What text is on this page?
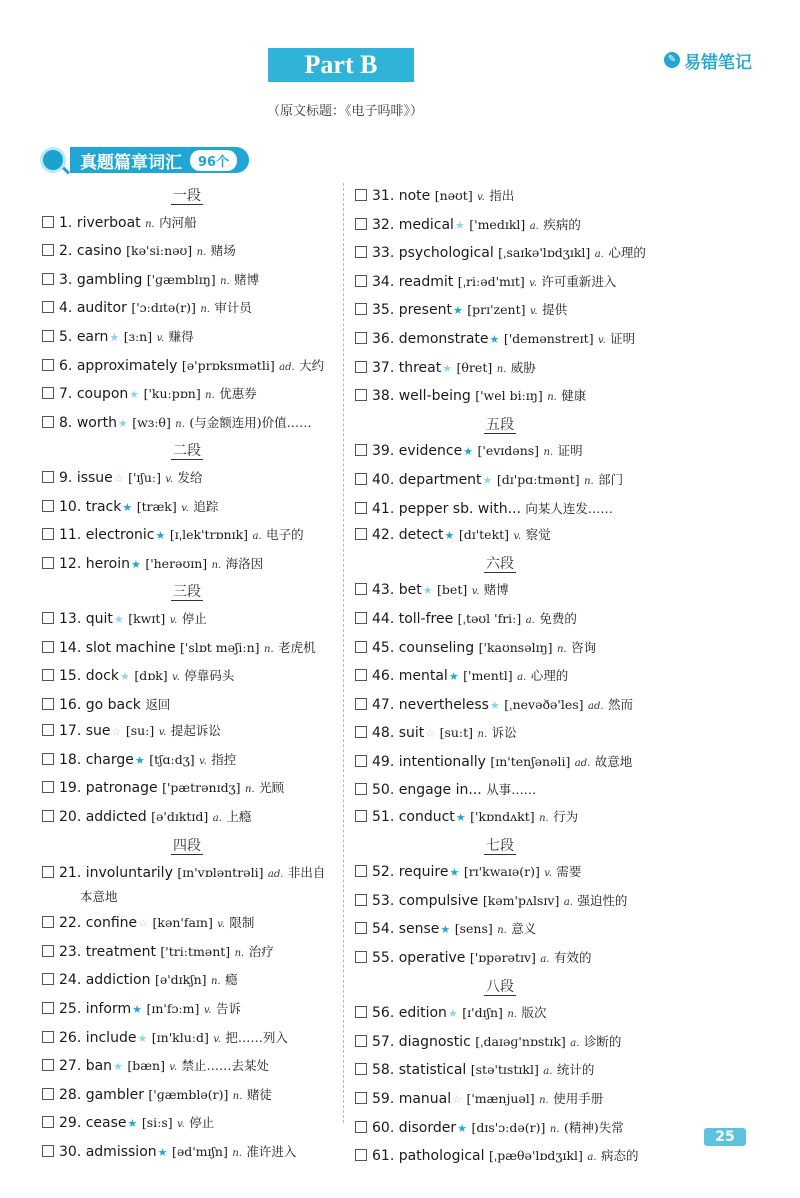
Part B	✎ 易错笔记
（原文标题：《电子吗啡》）
真题篇章词汇	96个
一段
1. riverboat n. 内河船
2. casino [kə'siːnəʊ] n. 赌场
3. gambling ['ɡæmblɪŋ] n. 赌博
4. auditor ['ɔːdɪtə(r)] n. 审计员
5. earn★ [ɜːn] v. 赚得
6. approximately [ə'prɒksɪmətli] ad. 大约
7. coupon★ ['kuːpɒn] n. 优惠券
8. worth★ [wɜːθ] n. (与金额连用)价值……
二段
9. issue☆ ['ɪʃuː] v. 发给
10. track★ [træk] v. 追踪
11. electronic★ [ɪˌlek'trɒnɪk] a. 电子的
12. heroin★ ['herəʊɪn] n. 海洛因
三段
13. quit★ [kwɪt] v. 停止
14. slot machine ['slɒt məʃiːn] n. 老虎机
15. dock★ [dɒk] v. 停靠码头
16. go back 返回
17. sue☆ [suː] v. 提起诉讼
18. charge★ [tʃɑːdʒ] v. 指控
19. patronage ['pætrənɪdʒ] n. 光顾
20. addicted [ə'dɪktɪd] a. 上瘾
四段
21. involuntarily [ɪn'vɒləntrəli] ad. 非出自
本意地
22. confine☆ [kən'faɪn] v. 限制
23. treatment ['triːtmənt] n. 治疗
24. addiction [ə'dɪkʃn] n. 瘾
25. inform★ [ɪn'fɔːm] v. 告诉
26. include★ [ɪn'kluːd] v. 把……列入
27. ban★ [bæn] v. 禁止……去某处
28. gambler ['ɡæmblə(r)] n. 赌徒
29. cease★ [siːs] v. 停止
30. admission★ [əd'mɪʃn] n. 准许进入
31. note [nəʊt] v. 指出
32. medical★ ['medɪkl] a. 疾病的
33. psychological [ˌsaɪkə'lɒdʒɪkl] a. 心理的
34. readmit [ˌriːəd'mɪt] v. 许可重新进入
35. present★ [prɪ'zent] v. 提供
36. demonstrate★ ['demənstreɪt] v. 证明
37. threat★ [θret] n. 威胁
38. well-being ['wel biːɪŋ] n. 健康
五段
39. evidence★ ['evɪdəns] n. 证明
40. department★ [dɪ'pɑːtmənt] n. 部门
41. pepper sb. with... 向某人连发……
42. detect★ [dɪ'tekt] v. 察觉
六段
43. bet★ [bet] v. 赌博
44. toll-free [ˌtəʊl 'friː] a. 免费的
45. counseling ['kaʊnsəlɪŋ] n. 咨询
46. mental★ ['mentl] a. 心理的
47. nevertheless★ [ˌnevəðə'les] ad. 然而
48. suit☆ [suːt] n. 诉讼
49. intentionally [ɪn'tenʃənəli] ad. 故意地
50. engage in... 从事……
51. conduct★ ['kɒndʌkt] n. 行为
七段
52. require★ [rɪ'kwaɪə(r)] v. 需要
53. compulsive [kəm'pʌlsɪv] a. 强迫性的
54. sense★ [sens] n. 意义
55. operative ['ɒpərətɪv] a. 有效的
八段
56. edition★ [ɪ'dɪʃn] n. 版次
57. diagnostic [ˌdaɪəɡ'nɒstɪk] a. 诊断的
58. statistical [stə'tɪstɪkl] a. 统计的
59. manual☆ ['mænjuəl] n. 使用手册
60. disorder★ [dɪs'ɔːdə(r)] n. (精神)失常
61. pathological [ˌpæθə'lɒdʒɪkl] a. 病态的
25
